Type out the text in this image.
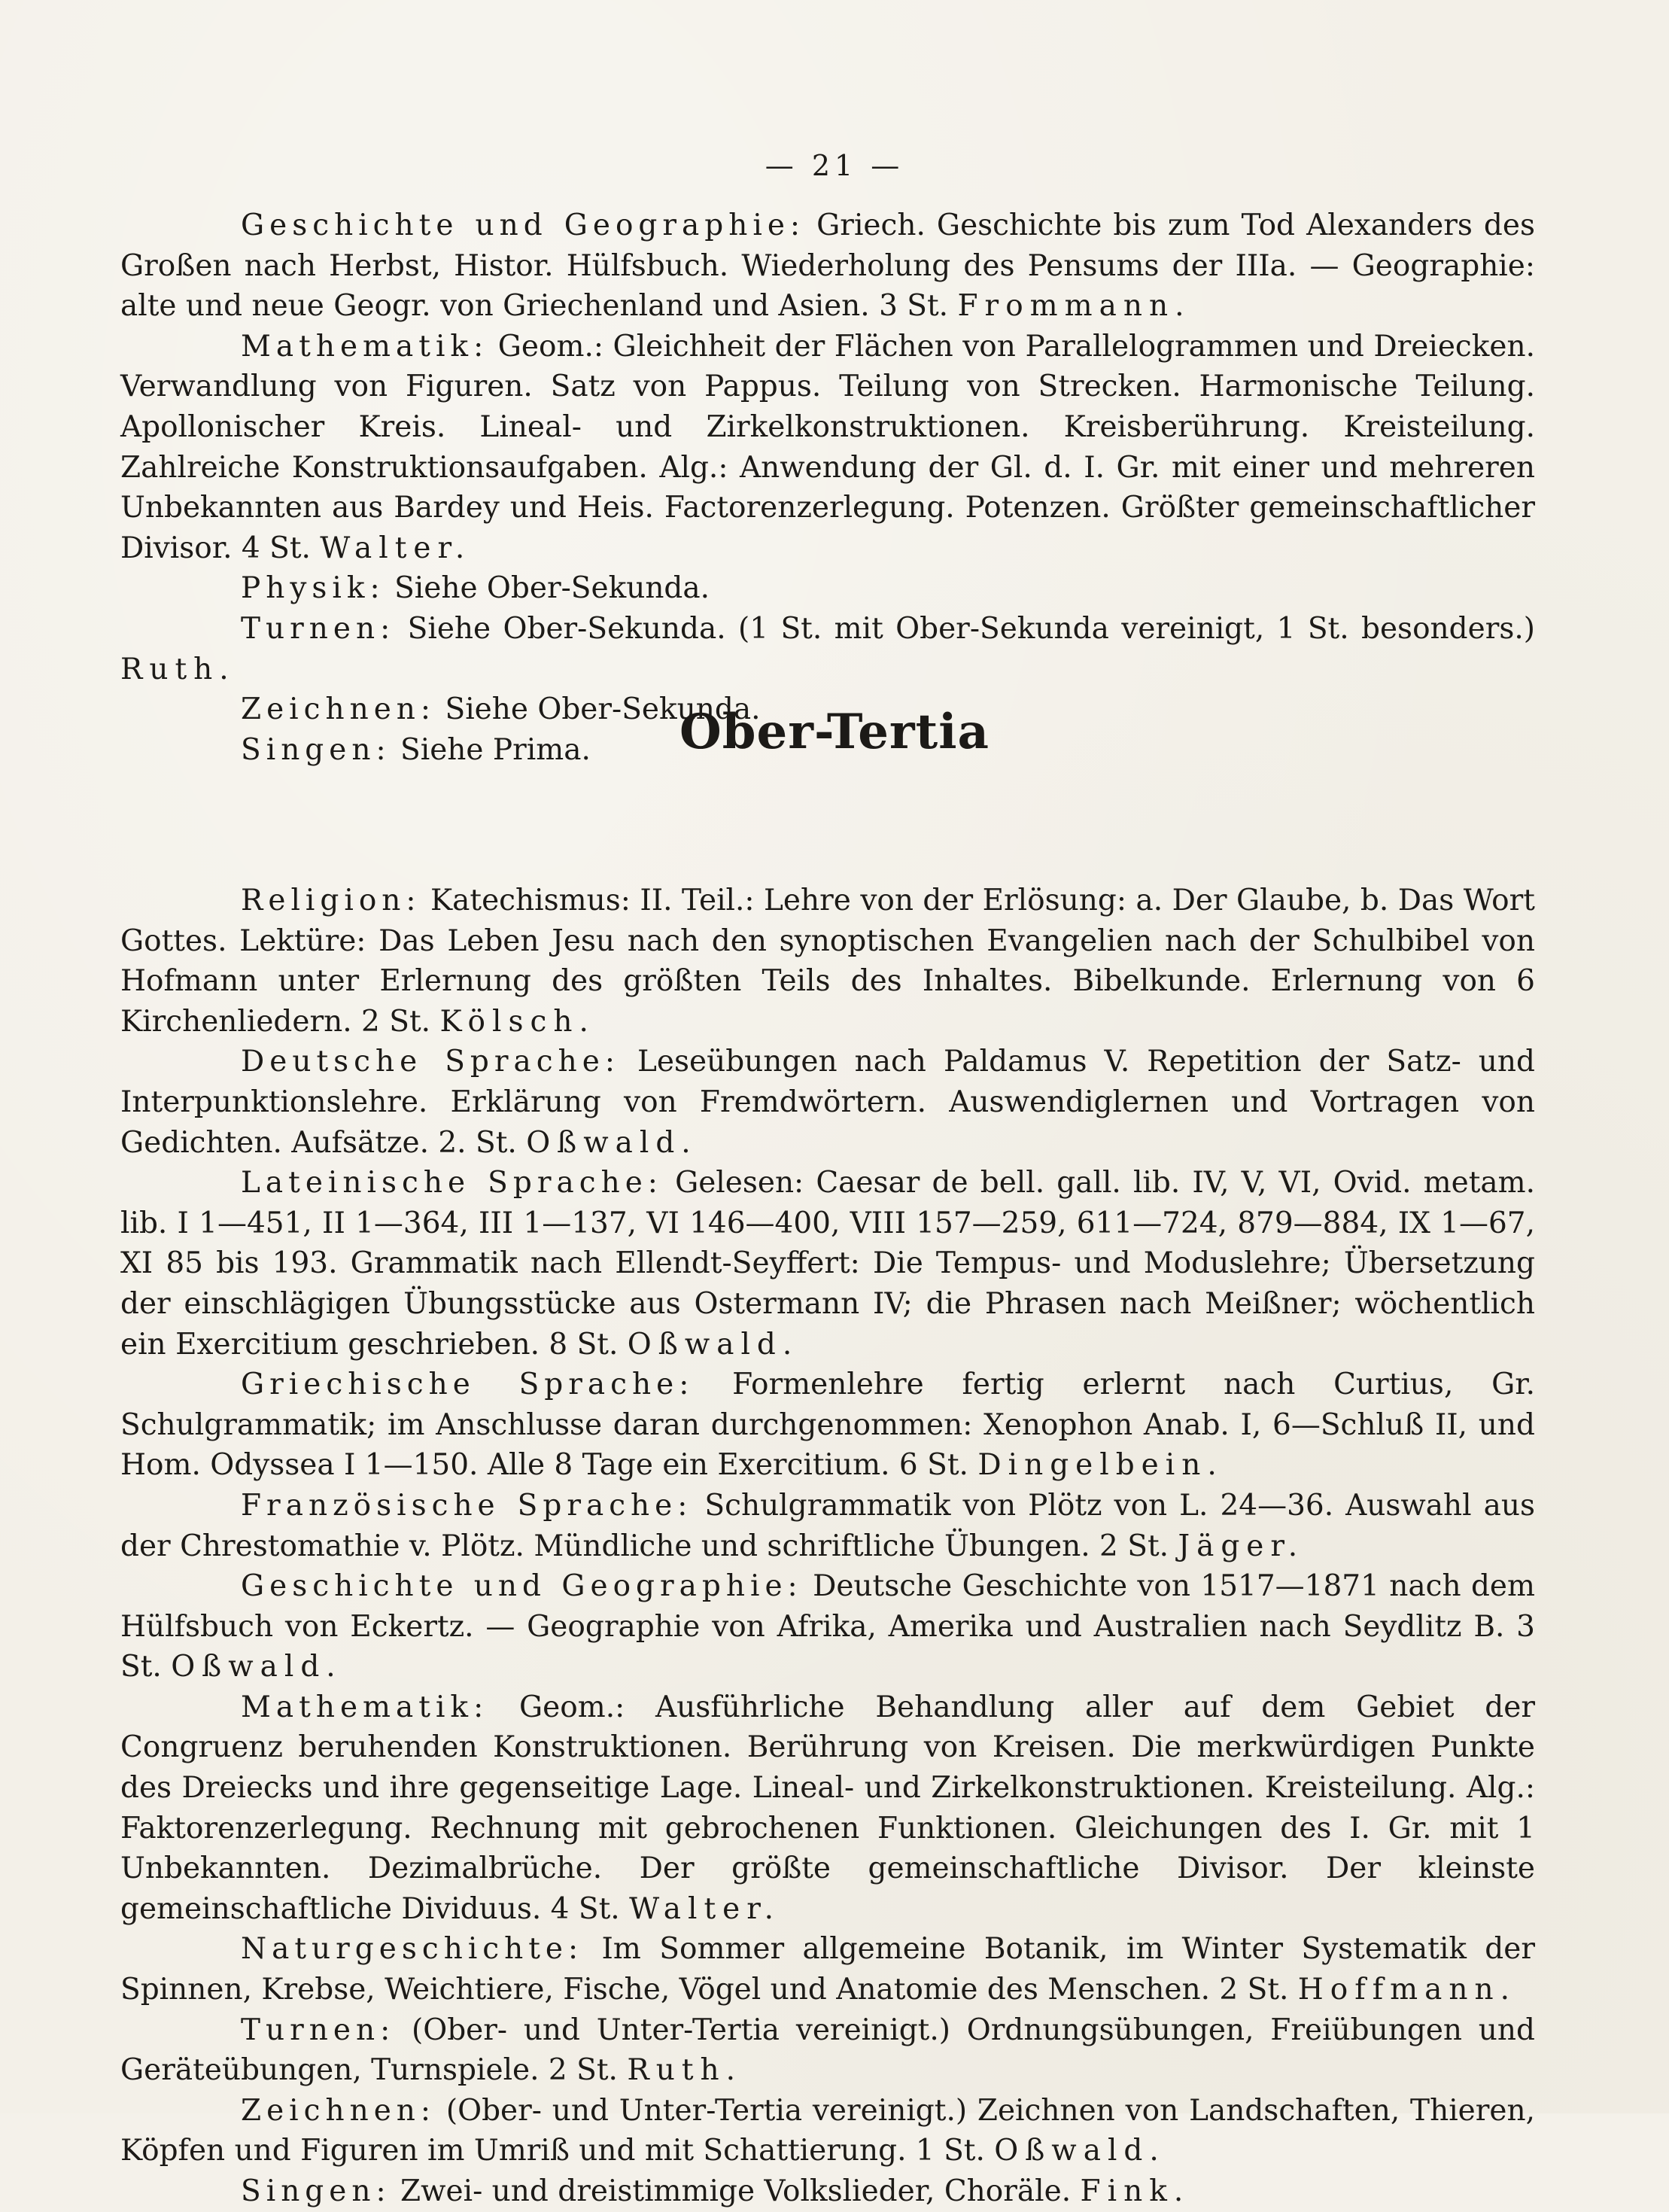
— 21 —

Geschichte und Geographie: Griech. Geschichte bis zum Tod Alexanders des Großen nach Herbst, Histor. Hülfsbuch. Wiederholung des Pensums der IIIa. — Geographie: alte und neue Geogr. von Griechenland und Asien. 3 St. Frommann.

Mathematik: Geom.: Gleichheit der Flächen von Parallelogrammen und Dreiecken. Verwandlung von Figuren. Satz von Pappus. Teilung von Strecken. Harmonische Teilung. Apollonischer Kreis. Lineal- und Zirkelkonstruktionen. Kreisberührung. Kreisteilung. Zahlreiche Konstruktionsaufgaben. Alg.: Anwendung der Gl. d. I. Gr. mit einer und mehreren Unbekannten aus Bardey und Heis. Factorenzerlegung. Potenzen. Größter gemeinschaftlicher Divisor. 4 St. Walter.

Physik: Siehe Ober-Sekunda.

Turnen: Siehe Ober-Sekunda. (1 St. mit Ober-Sekunda vereinigt, 1 St. besonders.) Ruth.

Zeichnen: Siehe Ober-Sekunda.

Singen: Siehe Prima.	Ober-Tertia

Religion: Katechismus: II. Teil.: Lehre von der Erlösung: a. Der Glaube, b. Das Wort Gottes. Lektüre: Das Leben Jesu nach den synoptischen Evangelien nach der Schulbibel von Hofmann unter Erlernung des größten Teils des Inhaltes. Bibelkunde. Erlernung von 6 Kirchenliedern. 2 St. Kölsch.

Deutsche Sprache: Leseübungen nach Paldamus V. Repetition der Satz- und Interpunktionslehre. Erklärung von Fremdwörtern. Auswendiglernen und Vortragen von Gedichten. Aufsätze. 2. St. Oßwald.

Lateinische Sprache: Gelesen: Caesar de bell. gall. lib. IV, V, VI, Ovid. metam. lib. I 1—451, II 1—364, III 1—137, VI 146—400, VIII 157—259, 611—724, 879—884, IX 1—67, XI 85 bis 193. Grammatik nach Ellendt-Seyffert: Die Tempus- und Moduslehre; Übersetzung der einschlägigen Übungsstücke aus Ostermann IV; die Phrasen nach Meißner; wöchentlich ein Exercitium geschrieben. 8 St. Oßwald.

Griechische Sprache: Formenlehre fertig erlernt nach Curtius, Gr. Schulgrammatik; im Anschlusse daran durchgenommen: Xenophon Anab. I, 6—Schluß II, und Hom. Odyssea I 1—150. Alle 8 Tage ein Exercitium. 6 St. Dingelbein.

Französische Sprache: Schulgrammatik von Plötz von L. 24—36. Auswahl aus der Chrestomathie v. Plötz. Mündliche und schriftliche Übungen. 2 St. Jäger.

Geschichte und Geographie: Deutsche Geschichte von 1517—1871 nach dem Hülfsbuch von Eckertz. — Geographie von Afrika, Amerika und Australien nach Seydlitz B. 3 St. Oßwald.

Mathematik: Geom.: Ausführliche Behandlung aller auf dem Gebiet der Congruenz beruhenden Konstruktionen. Berührung von Kreisen. Die merkwürdigen Punkte des Dreiecks und ihre gegenseitige Lage. Lineal- und Zirkelkonstruktionen. Kreisteilung. Alg.: Faktorenzerlegung. Rechnung mit gebrochenen Funktionen. Gleichungen des I. Gr. mit 1 Unbekannten. Dezimalbrüche. Der größte gemeinschaftliche Divisor. Der kleinste gemeinschaftliche Dividuus. 4 St. Walter.

Naturgeschichte: Im Sommer allgemeine Botanik, im Winter Systematik der Spinnen, Krebse, Weichtiere, Fische, Vögel und Anatomie des Menschen. 2 St. Hoffmann.

Turnen: (Ober- und Unter-Tertia vereinigt.) Ordnungsübungen, Freiübungen und Geräteübungen, Turnspiele. 2 St. Ruth.

Zeichnen: (Ober- und Unter-Tertia vereinigt.) Zeichnen von Landschaften, Thieren, Köpfen und Figuren im Umriß und mit Schattierung. 1 St. Oßwald.

Singen: Zwei- und dreistimmige Volkslieder, Choräle. Fink.
